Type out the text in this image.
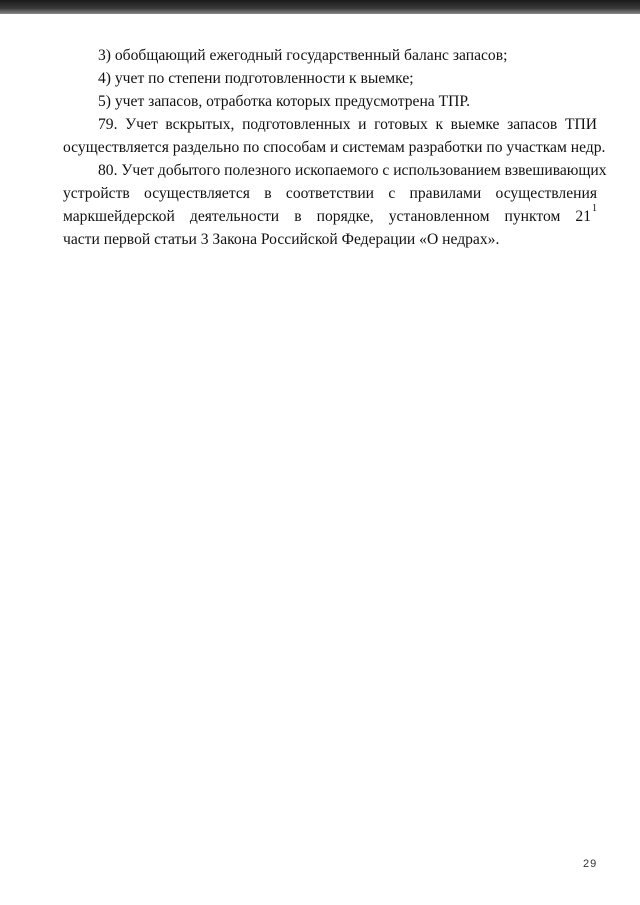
3) обобщающий ежегодный государственный баланс запасов;
4) учет по степени подготовленности к выемке;
5) учет запасов, отработка которых предусмотрена ТПР.
79. Учет вскрытых, подготовленных и готовых к выемке запасов ТПИ
осуществляется раздельно по способам и системам разработки по участкам недр.
80. Учет добытого полезного ископаемого с использованием взвешивающих
устройств осуществляется в соответствии с правилами осуществления
маркшейдерской деятельности в порядке, установленном пунктом 21 1
части первой статьи 3 Закона Российской Федерации «О недрах».
29
